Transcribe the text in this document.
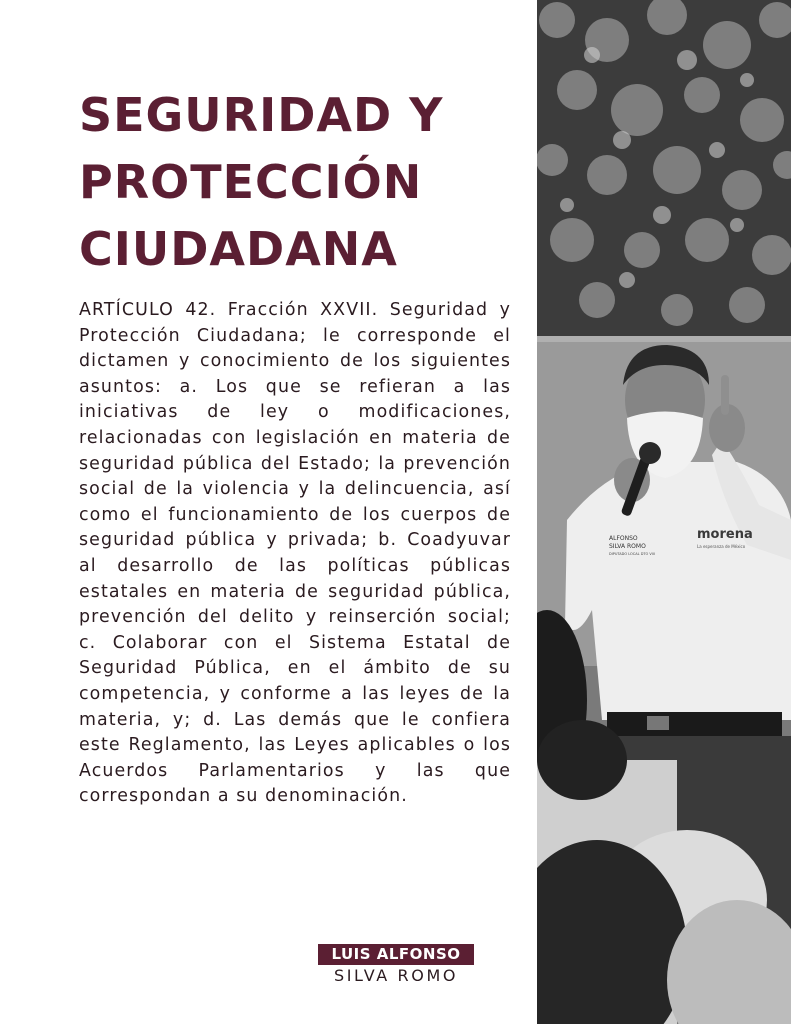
SEGURIDAD Y
PROTECCIÓN
CIUDADANA

ARTÍCULO 42. Fracción XXVII. Seguridad y Protección Ciudadana; le corresponde el dictamen y conocimiento de los siguientes asuntos: a. Los que se refieran a las iniciativas de ley o modificaciones, relacionadas con legislación en materia de seguridad pública del Estado; la prevención social de la violencia y la delincuencia, así como el funcionamiento de los cuerpos de seguridad pública y privada; b. Coadyuvar al desarrollo de las políticas públicas estatales en materia de seguridad pública, prevención del delito y reinserción social; c. Colaborar con el Sistema Estatal de Seguridad Pública, en el ámbito de su competencia, y conforme a las leyes de la materia, y; d. Las demás que le confiera este Reglamento, las Leyes aplicables o los Acuerdos Parlamentarios y las que correspondan a su denominación.

LUIS ALFONSO
SILVA ROMO
morena
La esperanza de México
ALFONSO
SILVA ROMO
DIPUTADO LOCAL DTO VIII
